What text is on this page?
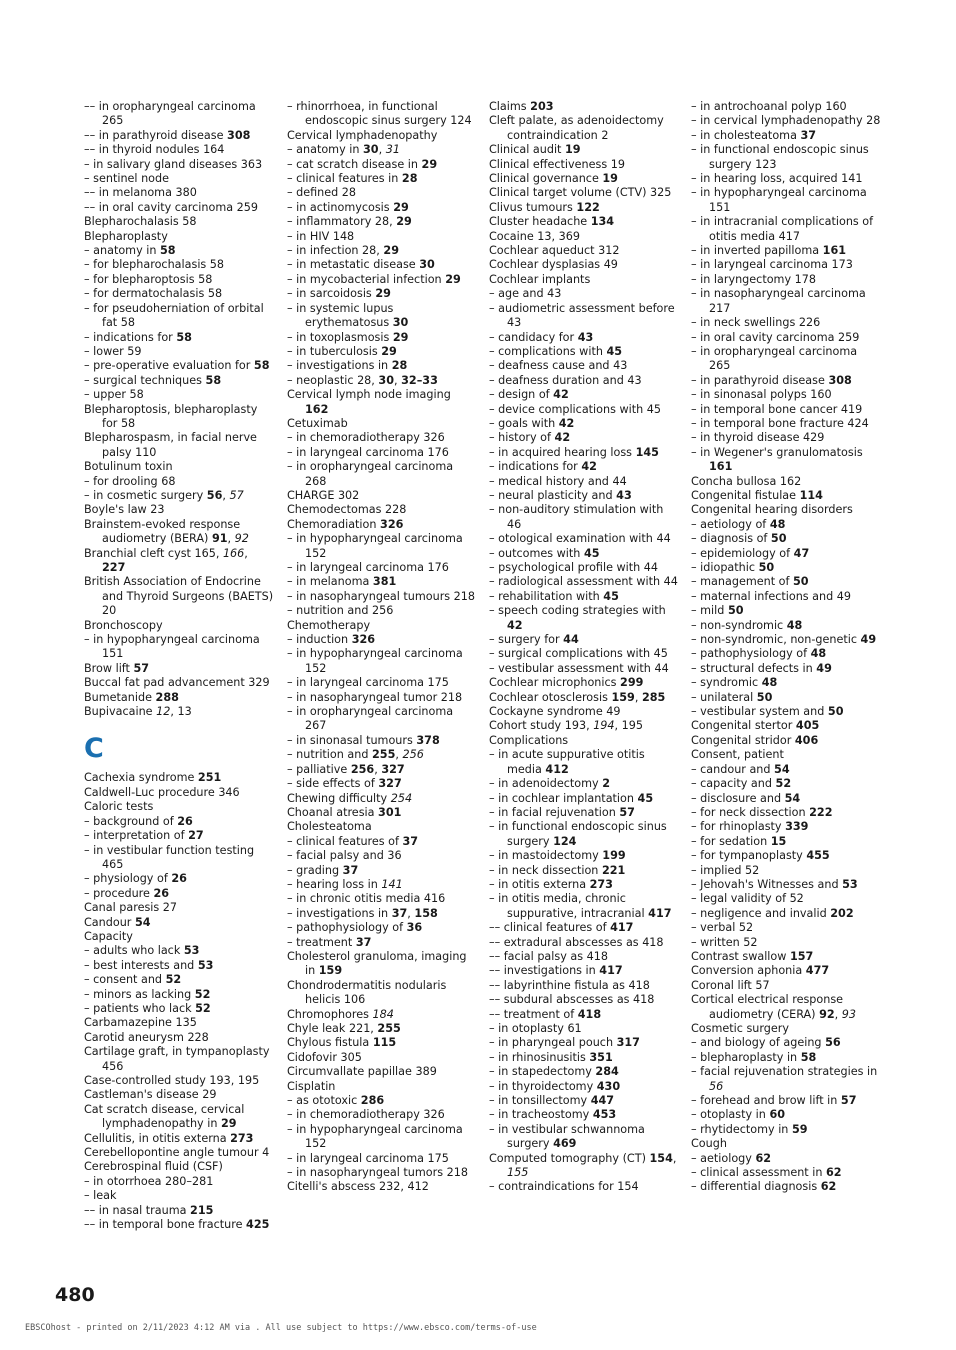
–– in oropharyngeal carcinoma 265
–– in parathyroid disease 308
–– in thyroid nodules 164
– in salivary gland diseases 363
– sentinel node
–– in melanoma 380
–– in oral cavity carcinoma 259
Blepharochalasis 58
Blepharoplasty
– anatomy in 58
– for blepharochalasis 58
– for blepharoptosis 58
– for dermatochalasis 58
– for pseudoherniation of orbital fat 58
– indications for 58
– lower 59
– pre-operative evaluation for 58
– surgical techniques 58
– upper 58
Blepharoptosis, blepharoplasty for 58
Blepharospasm, in facial nerve palsy 110
Botulinum toxin
– for drooling 68
– in cosmetic surgery 56, 57
Boyle's law 23
Brainstem-evoked response audiometry (BERA) 91, 92
Branchial cleft cyst 165, 166, 227
British Association of Endocrine and Thyroid Surgeons (BAETS) 20
Bronchoscopy
– in hypopharyngeal carcinoma 151
Brow lift 57
Buccal fat pad advancement 329
Bumetanide 288
Bupivacaine 12, 13
C
Cachexia syndrome 251
Caldwell-Luc procedure 346
Caloric tests
– background of 26
– interpretation of 27
– in vestibular function testing 465
– physiology of 26
– procedure 26
Canal paresis 27
Candour 54
Capacity
– adults who lack 53
– best interests and 53
– consent and 52
– minors as lacking 52
– patients who lack 52
Carbamazepine 135
Carotid aneurysm 228
Cartilage graft, in tympanoplasty 456
Case-controlled study 193, 195
Castleman's disease 29
Cat scratch disease, cervical lymphadenopathy in 29
Cellulitis, in otitis externa 273
Cerebellopontine angle tumour 4
Cerebrospinal fluid (CSF)
– in otorrhoea 280–281
– leak
–– in nasal trauma 215
–– in temporal bone fracture 425
– rhinorrhoea, in functional endoscopic sinus surgery 124
Cervical lymphadenopathy
– anatomy in 30, 31
– cat scratch disease in 29
– clinical features in 28
– defined 28
– in actinomycosis 29
– inflammatory 28, 29
– in HIV 148
– in infection 28, 29
– in metastatic disease 30
– in mycobacterial infection 29
– in sarcoidosis 29
– in systemic lupus erythematosus 30
– in toxoplasmosis 29
– in tuberculosis 29
– investigations in 28
– neoplastic 28, 30, 32–33
Cervical lymph node imaging 162
Cetuximab
– in chemoradiotherapy 326
– in laryngeal carcinoma 176
– in oropharyngeal carcinoma 268
CHARGE 302
Chemodectomas 228
Chemoradiation 326
– in hypopharyngeal carcinoma 152
– in laryngeal carcinoma 176
– in melanoma 381
– in nasopharyngeal tumours 218
– nutrition and 256
Chemotherapy
– induction 326
– in hypopharyngeal carcinoma 152
– in laryngeal carcinoma 175
– in nasopharyngeal tumor 218
– in oropharyngeal carcinoma 267
– in sinonasal tumours 378
– nutrition and 255, 256
– palliative 256, 327
– side effects of 327
Chewing difficulty 254
Choanal atresia 301
Cholesteatoma
– clinical features of 37
– facial palsy and 36
– grading 37
– hearing loss in 141
– in chronic otitis media 416
– investigations in 37, 158
– pathophysiology of 36
– treatment 37
Cholesterol granuloma, imaging in 159
Chondrodermatitis nodularis helicis 106
Chromophores 184
Chyle leak 221, 255
Chylous fistula 115
Cidofovir 305
Circumvallate papillae 389
Cisplatin
– as ototoxic 286
– in chemoradiotherapy 326
– in hypopharyngeal carcinoma 152
– in laryngeal carcinoma 175
– in nasopharyngeal tumors 218
Citelli's abscess 232, 412
Claims 203
Cleft palate, as adenoidectomy contraindication 2
Clinical audit 19
Clinical effectiveness 19
Clinical governance 19
Clinical target volume (CTV) 325
Clivus tumours 122
Cluster headache 134
Cocaine 13, 369
Cochlear aqueduct 312
Cochlear dysplasias 49
Cochlear implants
– age and 43
– audiometric assessment before 43
– candidacy for 43
– complications with 45
– deafness cause and 43
– deafness duration and 43
– design of 42
– device complications with 45
– goals with 42
– history of 42
– in acquired hearing loss 145
– indications for 42
– medical history and 44
– neural plasticity and 43
– non-auditory stimulation with 46
– otological examination with 44
– outcomes with 45
– psychological profile with 44
– radiological assessment with 44
– rehabilitation with 45
– speech coding strategies with 42
– surgery for 44
– surgical complications with 45
– vestibular assessment with 44
Cochlear microphonics 299
Cochlear otosclerosis 159, 285
Cockayne syndrome 49
Cohort study 193, 194, 195
Complications
– in acute suppurative otitis media 412
– in adenoidectomy 2
– in cochlear implantation 45
– in facial rejuvenation 57
– in functional endoscopic sinus surgery 124
– in mastoidectomy 199
– in neck dissection 221
– in otitis externa 273
– in otitis media, chronic suppurative, intracranial 417
–– clinical features of 417
–– extradural abscesses as 418
–– facial palsy as 418
–– investigations in 417
–– labyrinthine fistula as 418
–– subdural abscesses as 418
–– treatment of 418
– in otoplasty 61
– in pharyngeal pouch 317
– in rhinosinusitis 351
– in stapedectomy 284
– in thyroidectomy 430
– in tonsillectomy 447
– in tracheostomy 453
– in vestibular schwannoma surgery 469
Computed tomography (CT) 154, 155
– contraindications for 154
– in antrochoanal polyp 160
– in cervical lymphadenopathy 28
– in cholesteatoma 37
– in functional endoscopic sinus surgery 123
– in hearing loss, acquired 141
– in hypopharyngeal carcinoma 151
– in intracranial complications of otitis media 417
– in inverted papilloma 161
– in laryngeal carcinoma 173
– in laryngectomy 178
– in nasopharyngeal carcinoma 217
– in neck swellings 226
– in oral cavity carcinoma 259
– in oropharyngeal carcinoma 265
– in parathyroid disease 308
– in sinonasal polyps 160
– in temporal bone cancer 419
– in temporal bone fracture 424
– in thyroid disease 429
– in Wegener's granulomatosis 161
Concha bullosa 162
Congenital fistulae 114
Congenital hearing disorders
– aetiology of 48
– diagnosis of 50
– epidemiology of 47
– idiopathic 50
– management of 50
– maternal infections and 49
– mild 50
– non-syndromic 48
– non-syndromic, non-genetic 49
– pathophysiology of 48
– structural defects in 49
– syndromic 48
– unilateral 50
– vestibular system and 50
Congenital stertor 405
Congenital stridor 406
Consent, patient
– candour and 54
– capacity and 52
– disclosure and 54
– for neck dissection 222
– for rhinoplasty 339
– for sedation 15
– for tympanoplasty 455
– implied 52
– Jehovah's Witnesses and 53
– legal validity of 52
– negligence and invalid 202
– verbal 52
– written 52
Contrast swallow 157
Conversion aphonia 477
Coronal lift 57
Cortical electrical response audiometry (CERA) 92, 93
Cosmetic surgery
– and biology of ageing 56
– blepharoplasty in 58
– facial rejuvenation strategies in 56
– forehead and brow lift in 57
– otoplasty in 60
– rhytidectomy in 59
Cough
– aetiology 62
– clinical assessment in 62
– differential diagnosis 62
480
EBSCOhost - printed on 2/11/2023 4:12 AM via . All use subject to https://www.ebsco.com/terms-of-use
